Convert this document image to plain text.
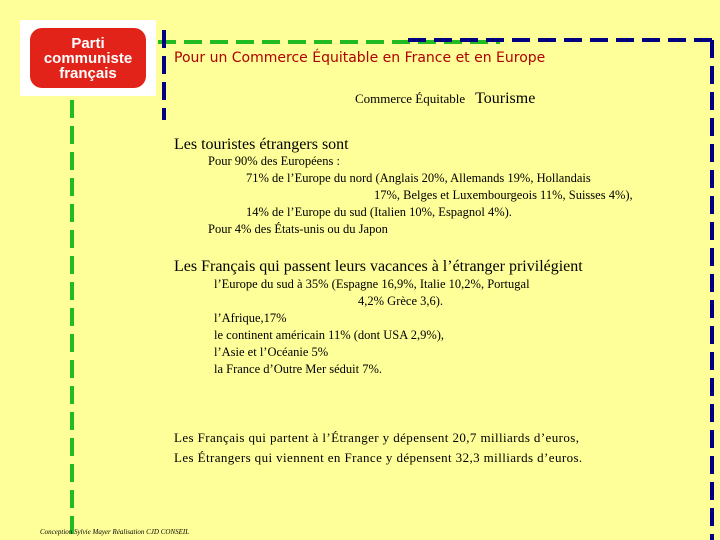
Parti
communiste
français
Pour un Commerce Équitable en France et en Europe
Commerce Équitable Tourisme
Les touristes étrangers sont
Pour 90% des Européens :
71% de l’Europe du nord (Anglais 20%, Allemands 19%, Hollandais
17%, Belges et Luxembourgeois 11%, Suisses 4%),
14% de l’Europe du sud (Italien 10%, Espagnol 4%).
Pour 4% des États-unis ou du Japon
Les Français qui passent leurs vacances à l’étranger privilégient
l’Europe du sud à 35% (Espagne 16,9%, Italie 10,2%, Portugal
4,2% Grèce 3,6).
l’Afrique,17%
le continent américain 11% (dont USA 2,9%),
l’Asie et l’Océanie 5%
la France d’Outre Mer séduit 7%.
Les Français qui partent à l’Étranger y dépensent 20,7 milliards d’euros,
Les Étrangers qui viennent en France y dépensent 32,3 milliards d’euros.
Conception Sylvie Mayer Réalisation CJD CONSEIL
